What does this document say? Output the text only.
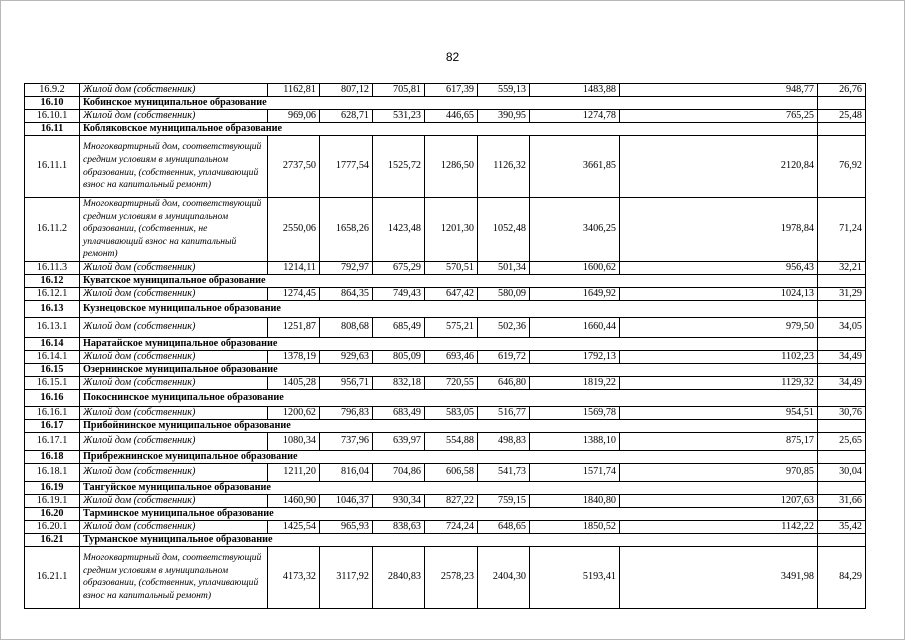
82
16.9.2	Жилой дом (собственник)	1162,81	807,12	705,81	617,39	559,13	1483,88	948,77	26,76
16.10	Кобинское муниципальное образование								
16.10.1	Жилой дом (собственник)	969,06	628,71	531,23	446,65	390,95	1274,78	765,25	25,48
16.11	Кобляковское муниципальное образование								
16.11.1	Многоквартирный дом, соответствующий средним условиям в муниципальном образовании, (собственник, уплачивающий взнос на капитальный ремонт)	2737,50	1777,54	1525,72	1286,50	1126,32	3661,85	2120,84	76,92
16.11.2	Многоквартирный дом, соответствующий средним условиям в муниципальном образовании, (собственник, не уплачивающий взнос на капитальный ремонт)	2550,06	1658,26	1423,48	1201,30	1052,48	3406,25	1978,84	71,24
16.11.3	Жилой дом (собственник)	1214,11	792,97	675,29	570,51	501,34	1600,62	956,43	32,21
16.12	Куватское муниципальное образование								
16.12.1	Жилой дом (собственник)	1274,45	864,35	749,43	647,42	580,09	1649,92	1024,13	31,29
16.13	Кузнецовское муниципальное образование								
16.13.1	Жилой дом (собственник)	1251,87	808,68	685,49	575,21	502,36	1660,44	979,50	34,05
16.14	Наратайское муниципальное образование								
16.14.1	Жилой дом (собственник)	1378,19	929,63	805,09	693,46	619,72	1792,13	1102,23	34,49
16.15	Озернинское муниципальное образование								
16.15.1	Жилой дом (собственник)	1405,28	956,71	832,18	720,55	646,80	1819,22	1129,32	34,49
16.16	Покоснинское муниципальное образование								
16.16.1	Жилой дом (собственник)	1200,62	796,83	683,49	583,05	516,77	1569,78	954,51	30,76
16.17	Прибойнинское муниципальное образование								
16.17.1	Жилой дом (собственник)	1080,34	737,96	639,97	554,88	498,83	1388,10	875,17	25,65
16.18	Прибрежнинское муниципальное образование								
16.18.1	Жилой дом (собственник)	1211,20	816,04	704,86	606,58	541,73	1571,74	970,85	30,04
16.19	Тангуйское муниципальное образование								
16.19.1	Жилой дом (собственник)	1460,90	1046,37	930,34	827,22	759,15	1840,80	1207,63	31,66
16.20	Тарминское муниципальное образование								
16.20.1	Жилой дом (собственник)	1425,54	965,93	838,63	724,24	648,65	1850,52	1142,22	35,42
16.21	Турманское муниципальное образование								
16.21.1	Многоквартирный дом, соответствующий средним условиям в муниципальном образовании, (собственник, уплачивающий взнос на капитальный ремонт)	4173,32	3117,92	2840,83	2578,23	2404,30	5193,41	3491,98	84,29
